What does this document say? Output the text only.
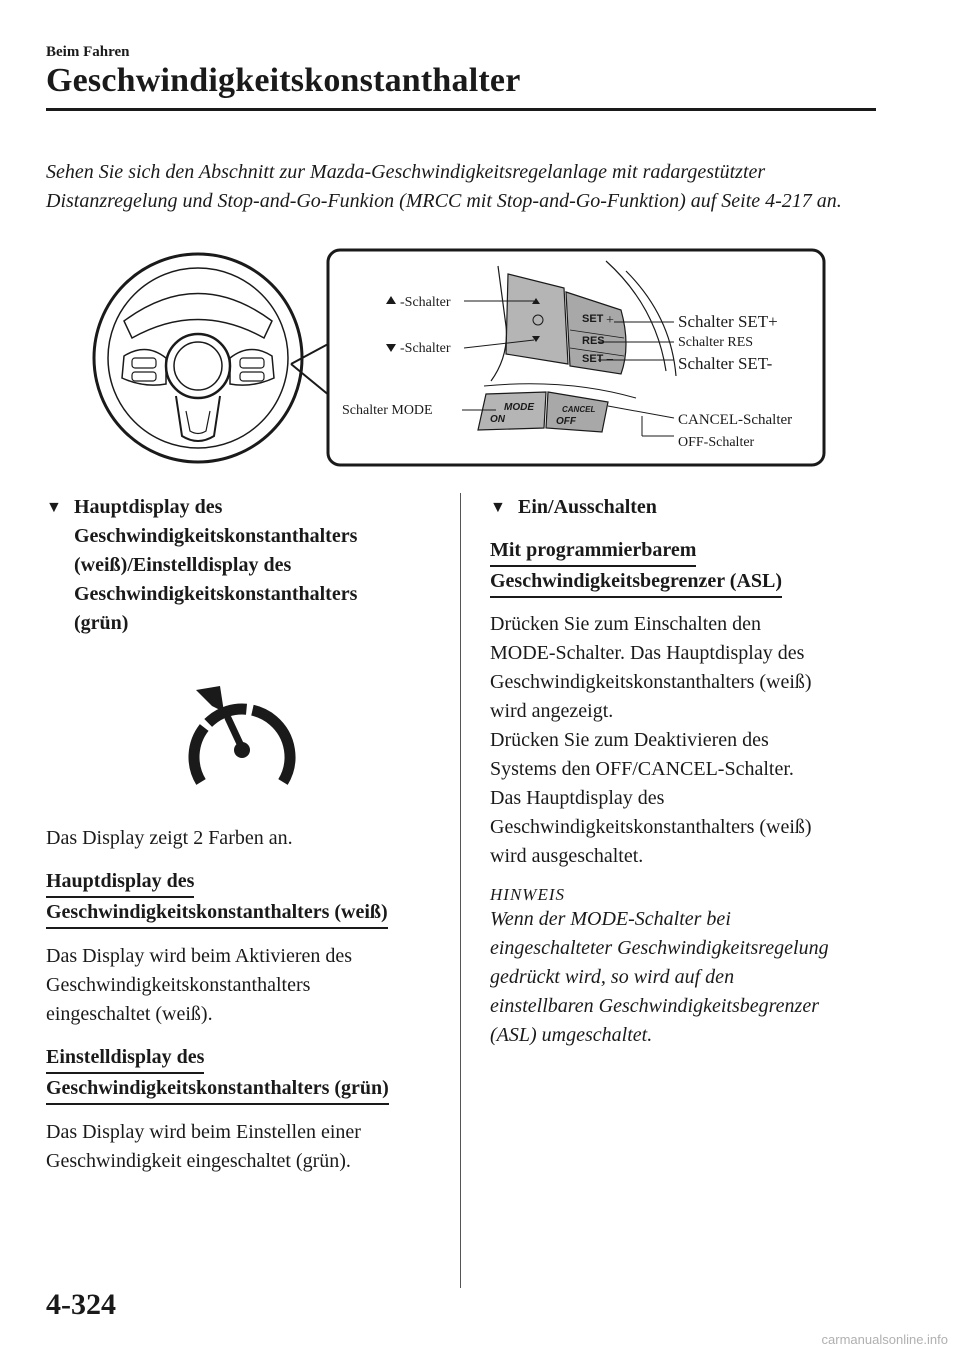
Beim Fahren
Geschwindigkeitskonstanthalter
Sehen Sie sich den Abschnitt zur Mazda-Geschwindigkeitsregelanlage mit radargestützter Distanzregelung und Stop-and-Go-Funkion (MRCC mit Stop-and-Go-Funktion) auf Seite 4-217 an.
SET
RES
SET
+
−
MODE
ON
CANCEL
OFF
-Schalter
-Schalter
Schalter SET+
Schalter RES
Schalter SET-
Schalter MODE
CANCEL-Schalter
OFF-Schalter
▼ Hauptdisplay des
Geschwindigkeitskonstanthalters
(weiß)/Einstelldisplay des
Geschwindigkeitskonstanthalters
(grün)
Das Display zeigt 2 Farben an.
Hauptdisplay des
Geschwindigkeitskonstanthalters (weiß)
Das Display wird beim Aktivieren des
Geschwindigkeitskonstanthalters
eingeschaltet (weiß).
Einstelldisplay des
Geschwindigkeitskonstanthalters (grün)
Das Display wird beim Einstellen einer
Geschwindigkeit eingeschaltet (grün).
▼ Ein/Ausschalten
Mit programmierbarem
Geschwindigkeitsbegrenzer (ASL)
Drücken Sie zum Einschalten den
MODE-Schalter. Das Hauptdisplay des
Geschwindigkeitskonstanthalters (weiß)
wird angezeigt.
Drücken Sie zum Deaktivieren des
Systems den OFF/CANCEL-Schalter.
Das Hauptdisplay des
Geschwindigkeitskonstanthalters (weiß)
wird ausgeschaltet.
HINWEIS
Wenn der MODE-Schalter bei
eingeschalteter Geschwindigkeitsregelung
gedrückt wird, so wird auf den
einstellbaren Geschwindigkeitsbegrenzer
(ASL) umgeschaltet.
4-324
carmanualsonline.info
